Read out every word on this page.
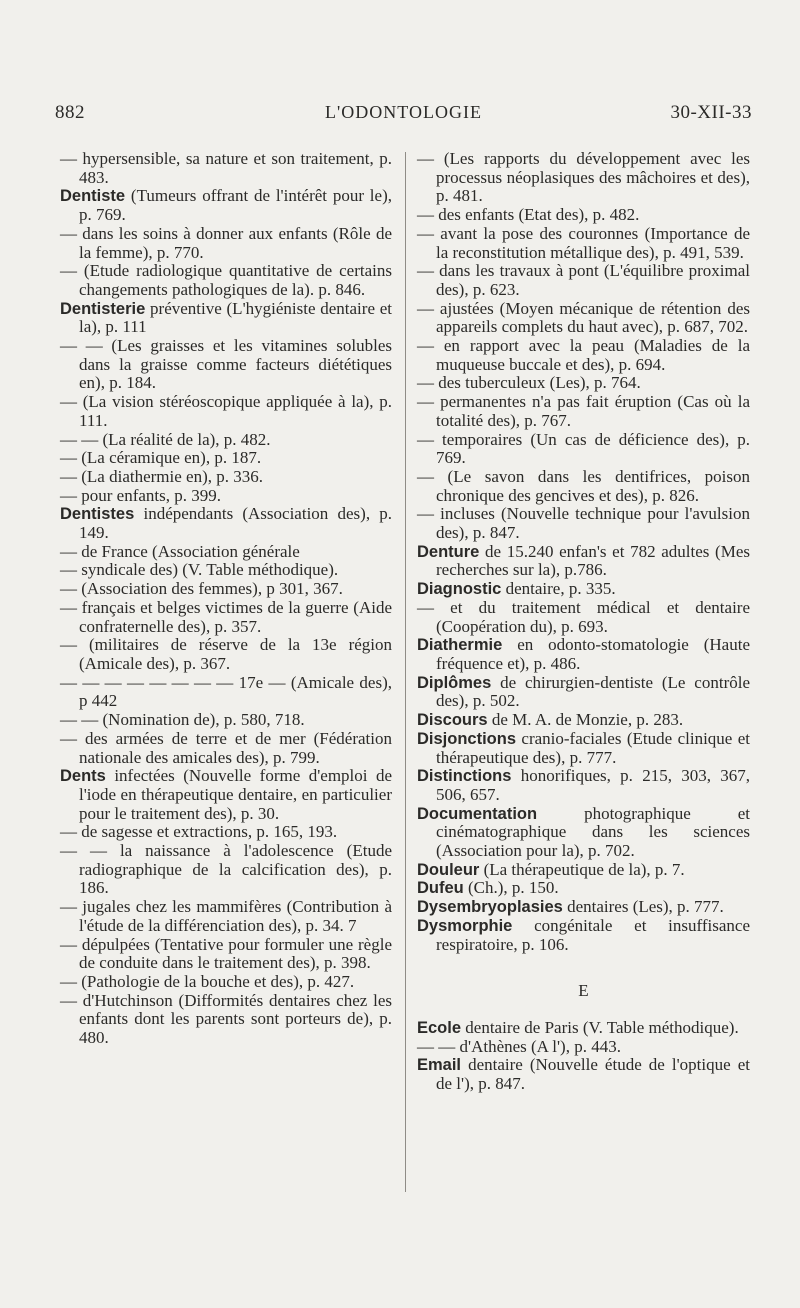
882	L'ODONTOLOGIE	30-XII-33
— hypersensible, sa nature et son traitement, p. 483.
Dentiste (Tumeurs offrant de l'intérêt pour le), p. 769.
— dans les soins à donner aux enfants (Rôle de la femme), p. 770.
— (Etude radiologique quantitative de certains changements pathologiques de la). p. 846.
Dentisterie préventive (L'hygiéniste dentaire et la), p. 111
— — (Les graisses et les vitamines solubles dans la graisse comme facteurs diététiques en), p. 184.
— (La vision stéréoscopique appliquée à la), p. 111.
— — (La réalité de la), p. 482.
— (La céramique en), p. 187.
— (La diathermie en), p. 336.
— pour enfants, p. 399.
Dentistes indépendants (Association des), p. 149.
— de France (Association générale
— syndicale des) (V. Table méthodique).
— (Association des femmes), p 301, 367.
— français et belges victimes de la guerre (Aide confraternelle des), p. 357.
— (militaires de réserve de la 13e région (Amicale des), p. 367.
— — — — — — — — 17e — (Amicale des), p 442
— — (Nomination de), p. 580, 718.
— des armées de terre et de mer (Fédération nationale des amicales des), p. 799.
Dents infectées (Nouvelle forme d'emploi de l'iode en thérapeutique dentaire, en particulier pour le traitement des), p. 30.
— de sagesse et extractions, p. 165, 193.
— — la naissance à l'adolescence (Etude radiographique de la calcification des), p. 186.
— jugales chez les mammifères (Contribution à l'étude de la différenciation des), p. 34. 7
— dépulpées (Tentative pour formuler une règle de conduite dans le traitement des), p. 398.
— (Pathologie de la bouche et des), p. 427.
— d'Hutchinson (Difformités dentaires chez les enfants dont les parents sont porteurs de), p. 480.
— (Les rapports du développement avec les processus néoplasiques des mâchoires et des), p. 481.
— des enfants (Etat des), p. 482.
— avant la pose des couronnes (Importance de la reconstitution métallique des), p. 491, 539.
— dans les travaux à pont (L'équilibre proximal des), p. 623.
— ajustées (Moyen mécanique de rétention des appareils complets du haut avec), p. 687, 702.
— en rapport avec la peau (Maladies de la muqueuse buccale et des), p. 694.
— des tuberculeux (Les), p. 764.
— permanentes n'a pas fait éruption (Cas où la totalité des), p. 767.
— temporaires (Un cas de déficience des), p. 769.
— (Le savon dans les dentifrices, poison chronique des gencives et des), p. 826.
— incluses (Nouvelle technique pour l'avulsion des), p. 847.
Denture de 15.240 enfan's et 782 adultes (Mes recherches sur la), p.786.
Diagnostic dentaire, p. 335.
— et du traitement médical et dentaire (Coopération du), p. 693.
Diathermie en odonto-stomatologie (Haute fréquence et), p. 486.
Diplômes de chirurgien-dentiste (Le contrôle des), p. 502.
Discours de M. A. de Monzie, p. 283.
Disjonctions cranio-faciales (Etude clinique et thérapeutique des), p. 777.
Distinctions honorifiques, p. 215, 303, 367, 506, 657.
Documentation	photographique et cinématographique dans les sciences (Association pour la), p. 702.
Douleur (La thérapeutique de la), p. 7.
Dufeu (Ch.), p. 150.
Dysembryoplasies dentaires (Les), p. 777.
Dysmorphie congénitale et insuffisance respiratoire, p. 106.
E
Ecole dentaire de Paris (V. Table méthodique).
— — d'Athènes (A l'), p. 443.
Email dentaire (Nouvelle étude de l'optique et de l'), p. 847.
